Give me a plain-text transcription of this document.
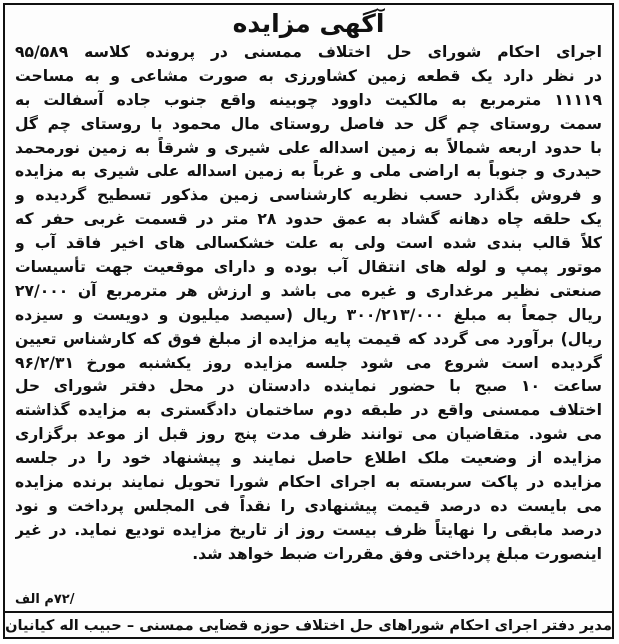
آگهی مزایده
اجرای احکام شورای حل اختلاف ممسنی در پرونده کلاسه ۹۵/۵۸۹
در نظر دارد یک قطعه زمین کشاورزی به صورت مشاعی و به مساحت
۱۱۱۱۹ مترمربع به مالکیت داوود چوبینه واقع جنوب جاده آسفالت به
سمت روستای چم گل حد فاصل روستای مال محمود با روستای چم گل
با حدود اربعه شمالاً به زمین اسداله علی شیری و شرقاً به زمین نورمحمد
حیدری و جنوباً به اراضی ملی و غرباً به زمین اسداله علی شیری به مزایده
و فروش بگذارد حسب نظریه کارشناسی زمین مذکور تسطیح گردیده و
یک حلقه چاه دهانه گشاد به عمق حدود ۲۸ متر در قسمت غربی حفر که
کلاً قالب بندی شده است ولی به علت خشکسالی های اخیر فاقد آب و
موتور پمپ و لوله های انتقال آب بوده و دارای موقعیت جهت تأسیسات
صنعتی نظیر مرغداری و غیره می باشد و ارزش هر مترمربع آن ۲۷/۰۰۰
ریال جمعاً به مبلغ ۳۰۰/۲۱۳/۰۰۰ ریال (سیصد میلیون و دویست و سیزده
ریال) برآورد می گردد که قیمت پایه مزایده از مبلغ فوق که کارشناس تعیین
گردیده است شروع می شود جلسه مزایده روز یکشنبه مورخ ۹۶/۲/۳۱
ساعت ۱۰ صبح با حضور نماینده دادستان در محل دفتر شورای حل
اختلاف ممسنی واقع در طبقه دوم ساختمان دادگستری به مزایده گذاشته
می شود. متقاضیان می توانند ظرف مدت پنج روز قبل از موعد برگزاری
مزایده از وضعیت ملک اطلاع حاصل نمایند و پیشنهاد خود را در جلسه
مزایده در پاکت سربسته به اجرای احکام شورا تحویل نمایند برنده مزایده
می بایست ده درصد قیمت پیشنهادی را نقداً فی المجلس پرداخت و نود
درصد مابقی را نهایتاً ظرف بیست روز از تاریخ مزایده تودیع نماید. در غیر
اینصورت مبلغ پرداختی وفق مقررات ضبط خواهد شد.
/۷۲م الف
مدیر دفتر اجرای احکام شوراهای حل اختلاف حوزه قضایی ممسنی – حبیب اله کیانیان
